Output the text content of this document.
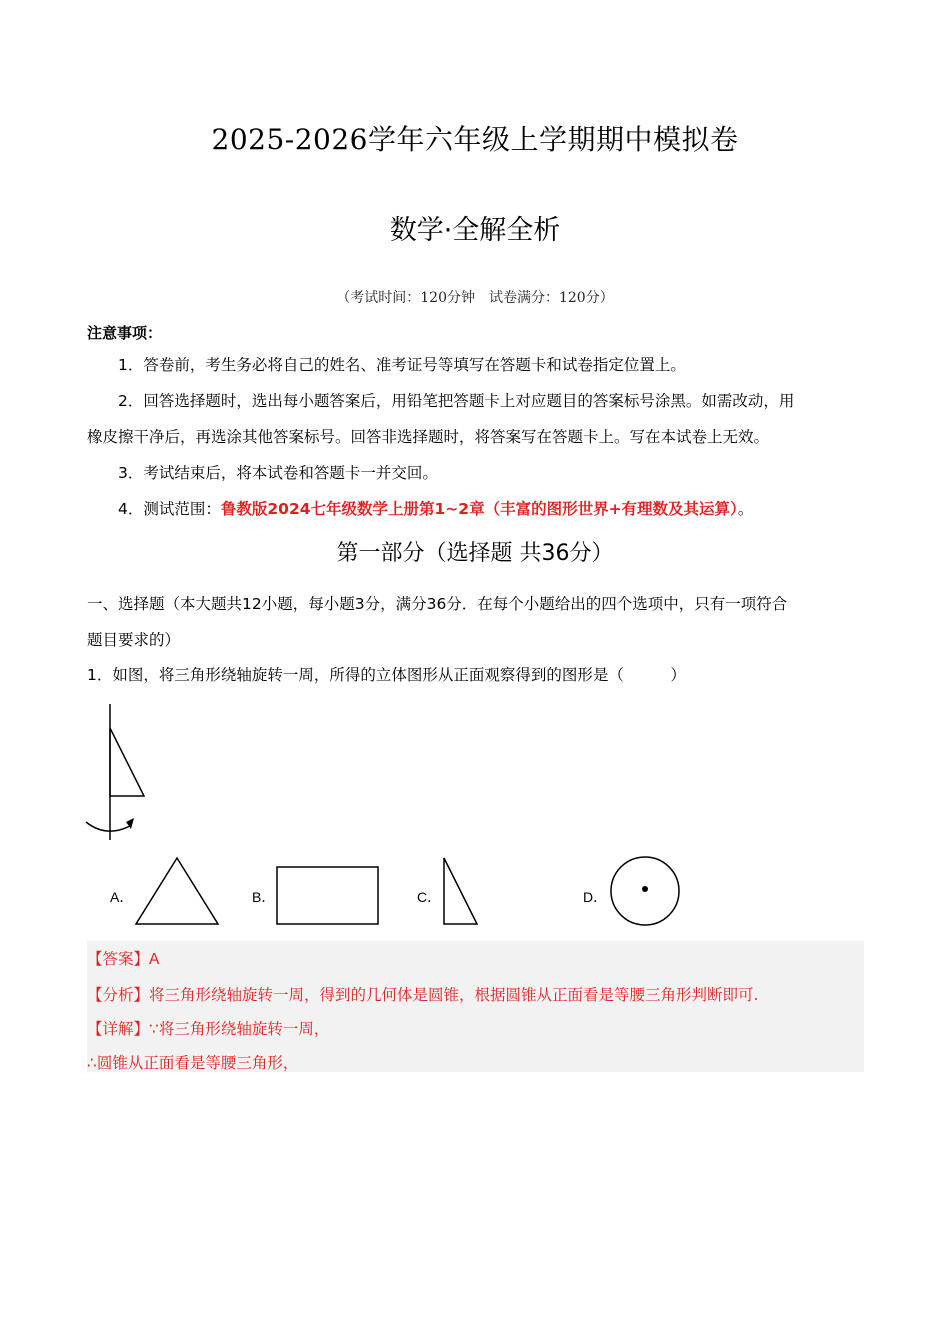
2025-2026学年六年级上学期期中模拟卷
数学·全解全析
（考试时间：120分钟　试卷满分：120分）
注意事项：
1．答卷前，考生务必将自己的姓名、准考证号等填写在答题卡和试卷指定位置上。
2．回答选择题时，选出每小题答案后，用铅笔把答题卡上对应题目的答案标号涂黑。如需改动，用
橡皮擦干净后，再选涂其他答案标号。回答非选择题时，将答案写在答题卡上。写在本试卷上无效。
3．考试结束后，将本试卷和答题卡一并交回。
4．测试范围：鲁教版2024七年级数学上册第1~2章（丰富的图形世界+有理数及其运算）。
第一部分（选择题 共36分）
一、选择题（本大题共12小题，每小题3分，满分36分．在每个小题给出的四个选项中，只有一项符合
题目要求的）
1．如图，将三角形绕轴旋转一周，所得的立体图形从正面观察得到的图形是（　　　）
A．	B．	C．	D．
【答案】A
【分析】将三角形绕轴旋转一周，得到的几何体是圆锥，根据圆锥从正面看是等腰三角形判断即可.
【详解】∵将三角形绕轴旋转一周，
∴圆锥从正面看是等腰三角形，
